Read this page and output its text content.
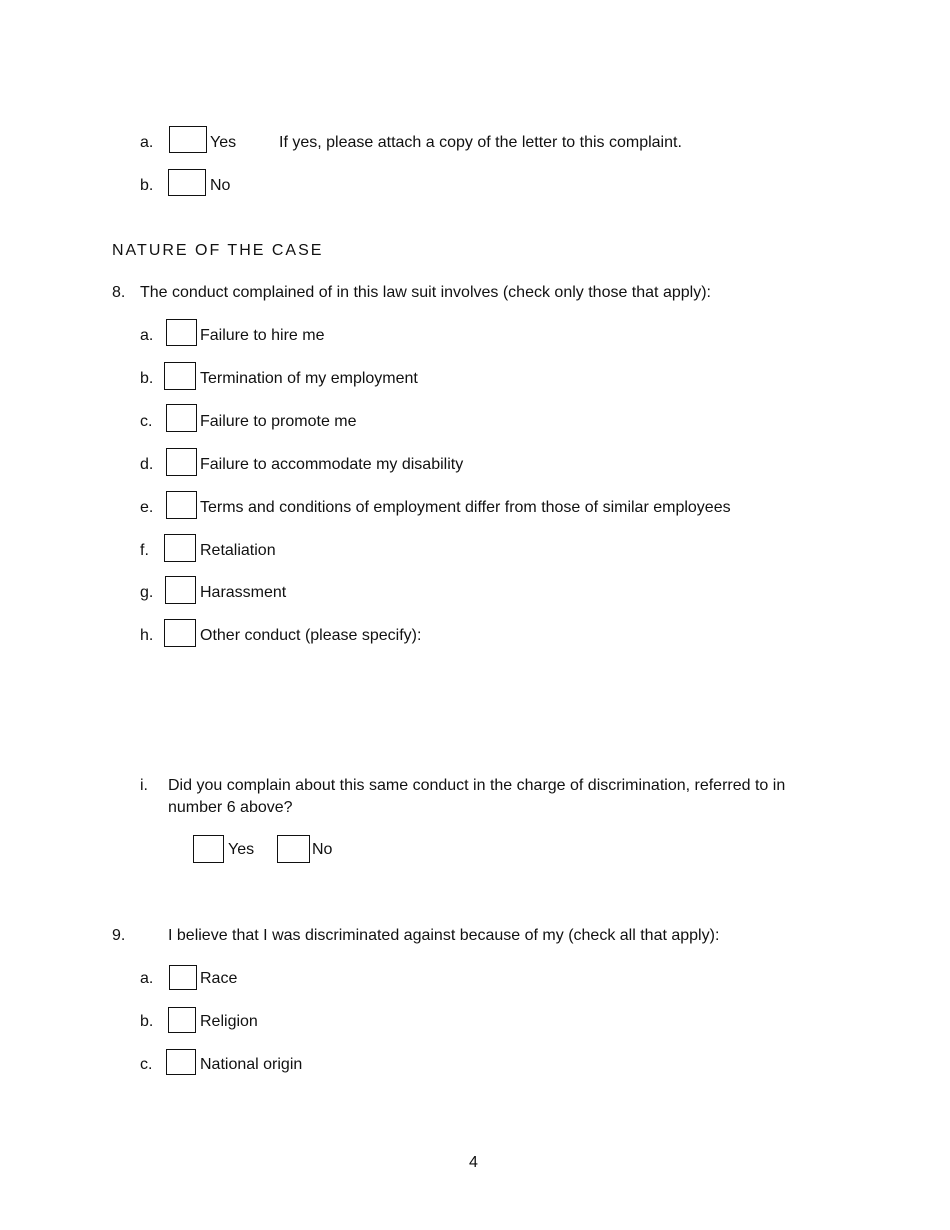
a.	Yes	If yes, please attach a copy of the letter to this complaint.
b.	No
NATURE OF THE CASE
8. The conduct complained of in this law suit involves (check only those that apply):
a.	Failure to hire me
b.	Termination of my employment
c.	Failure to promote me
d.	Failure to accommodate my disability
e.	Terms and conditions of employment differ from those of similar employees
f.	Retaliation
g.	Harassment
h.	Other conduct (please specify):
i. Did you complain about this same conduct in the charge of discrimination, referred to in
number 6 above?
Yes	No
9.	I believe that I was discriminated against because of my (check all that apply):
a.	Race
b.	Religion
c.	National origin
4
